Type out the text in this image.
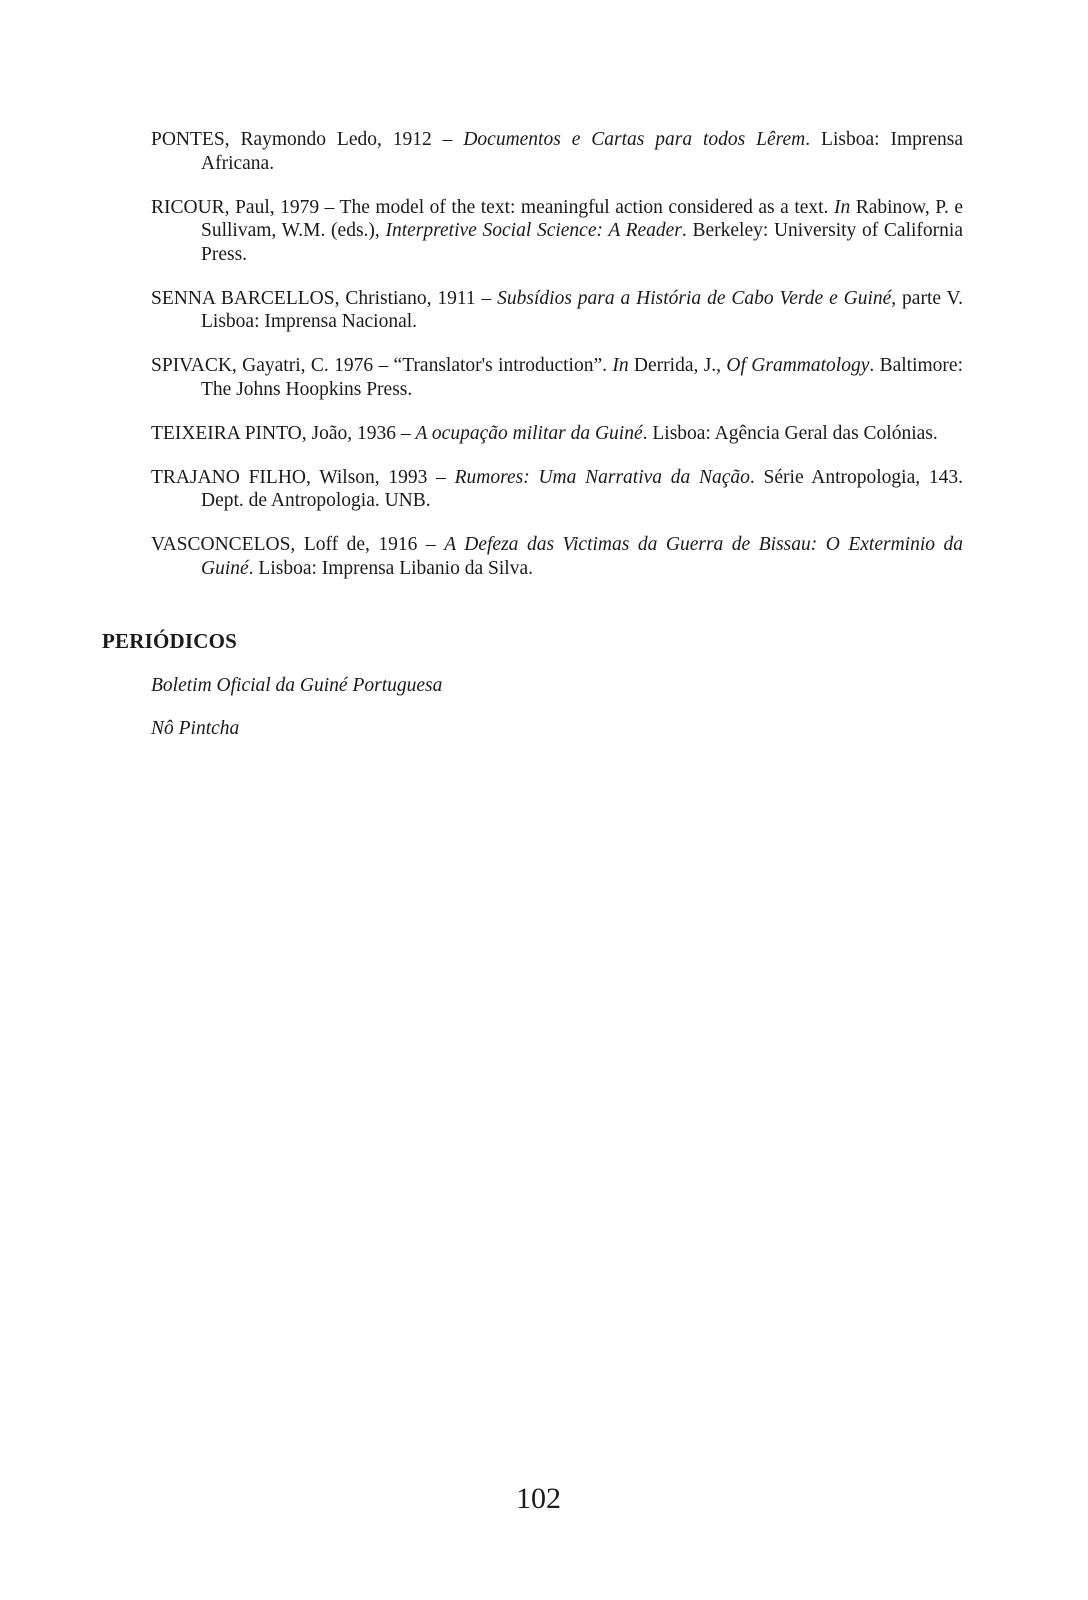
PONTES, Raymondo Ledo, 1912 – Documentos e Cartas para todos Lêrem. Lisboa: Imprensa Africana.
RICOUR, Paul, 1979 – The model of the text: meaningful action considered as a text. In Rabinow, P. e Sullivam, W.M. (eds.), Interpretive Social Science: A Reader. Berkeley: University of California Press.
SENNA BARCELLOS, Christiano, 1911 – Subsídios para a História de Cabo Verde e Guiné, parte V. Lisboa: Imprensa Nacional.
SPIVACK, Gayatri, C. 1976 – “Translator's introduction”. In Derrida, J., Of Grammatology. Baltimore: The Johns Hoopkins Press.
TEIXEIRA PINTO, João, 1936 – A ocupação militar da Guiné. Lisboa: Agência Geral das Colónias.
TRAJANO FILHO, Wilson, 1993 – Rumores: Uma Narrativa da Nação. Série Antropologia, 143. Dept. de Antropologia. UNB.
VASCONCELOS, Loff de, 1916 – A Defeza das Victimas da Guerra de Bissau: O Exterminio da Guiné. Lisboa: Imprensa Libanio da Silva.
PERIÓDICOS

Boletim Oficial da Guiné Portuguesa

Nô Pintcha

102
